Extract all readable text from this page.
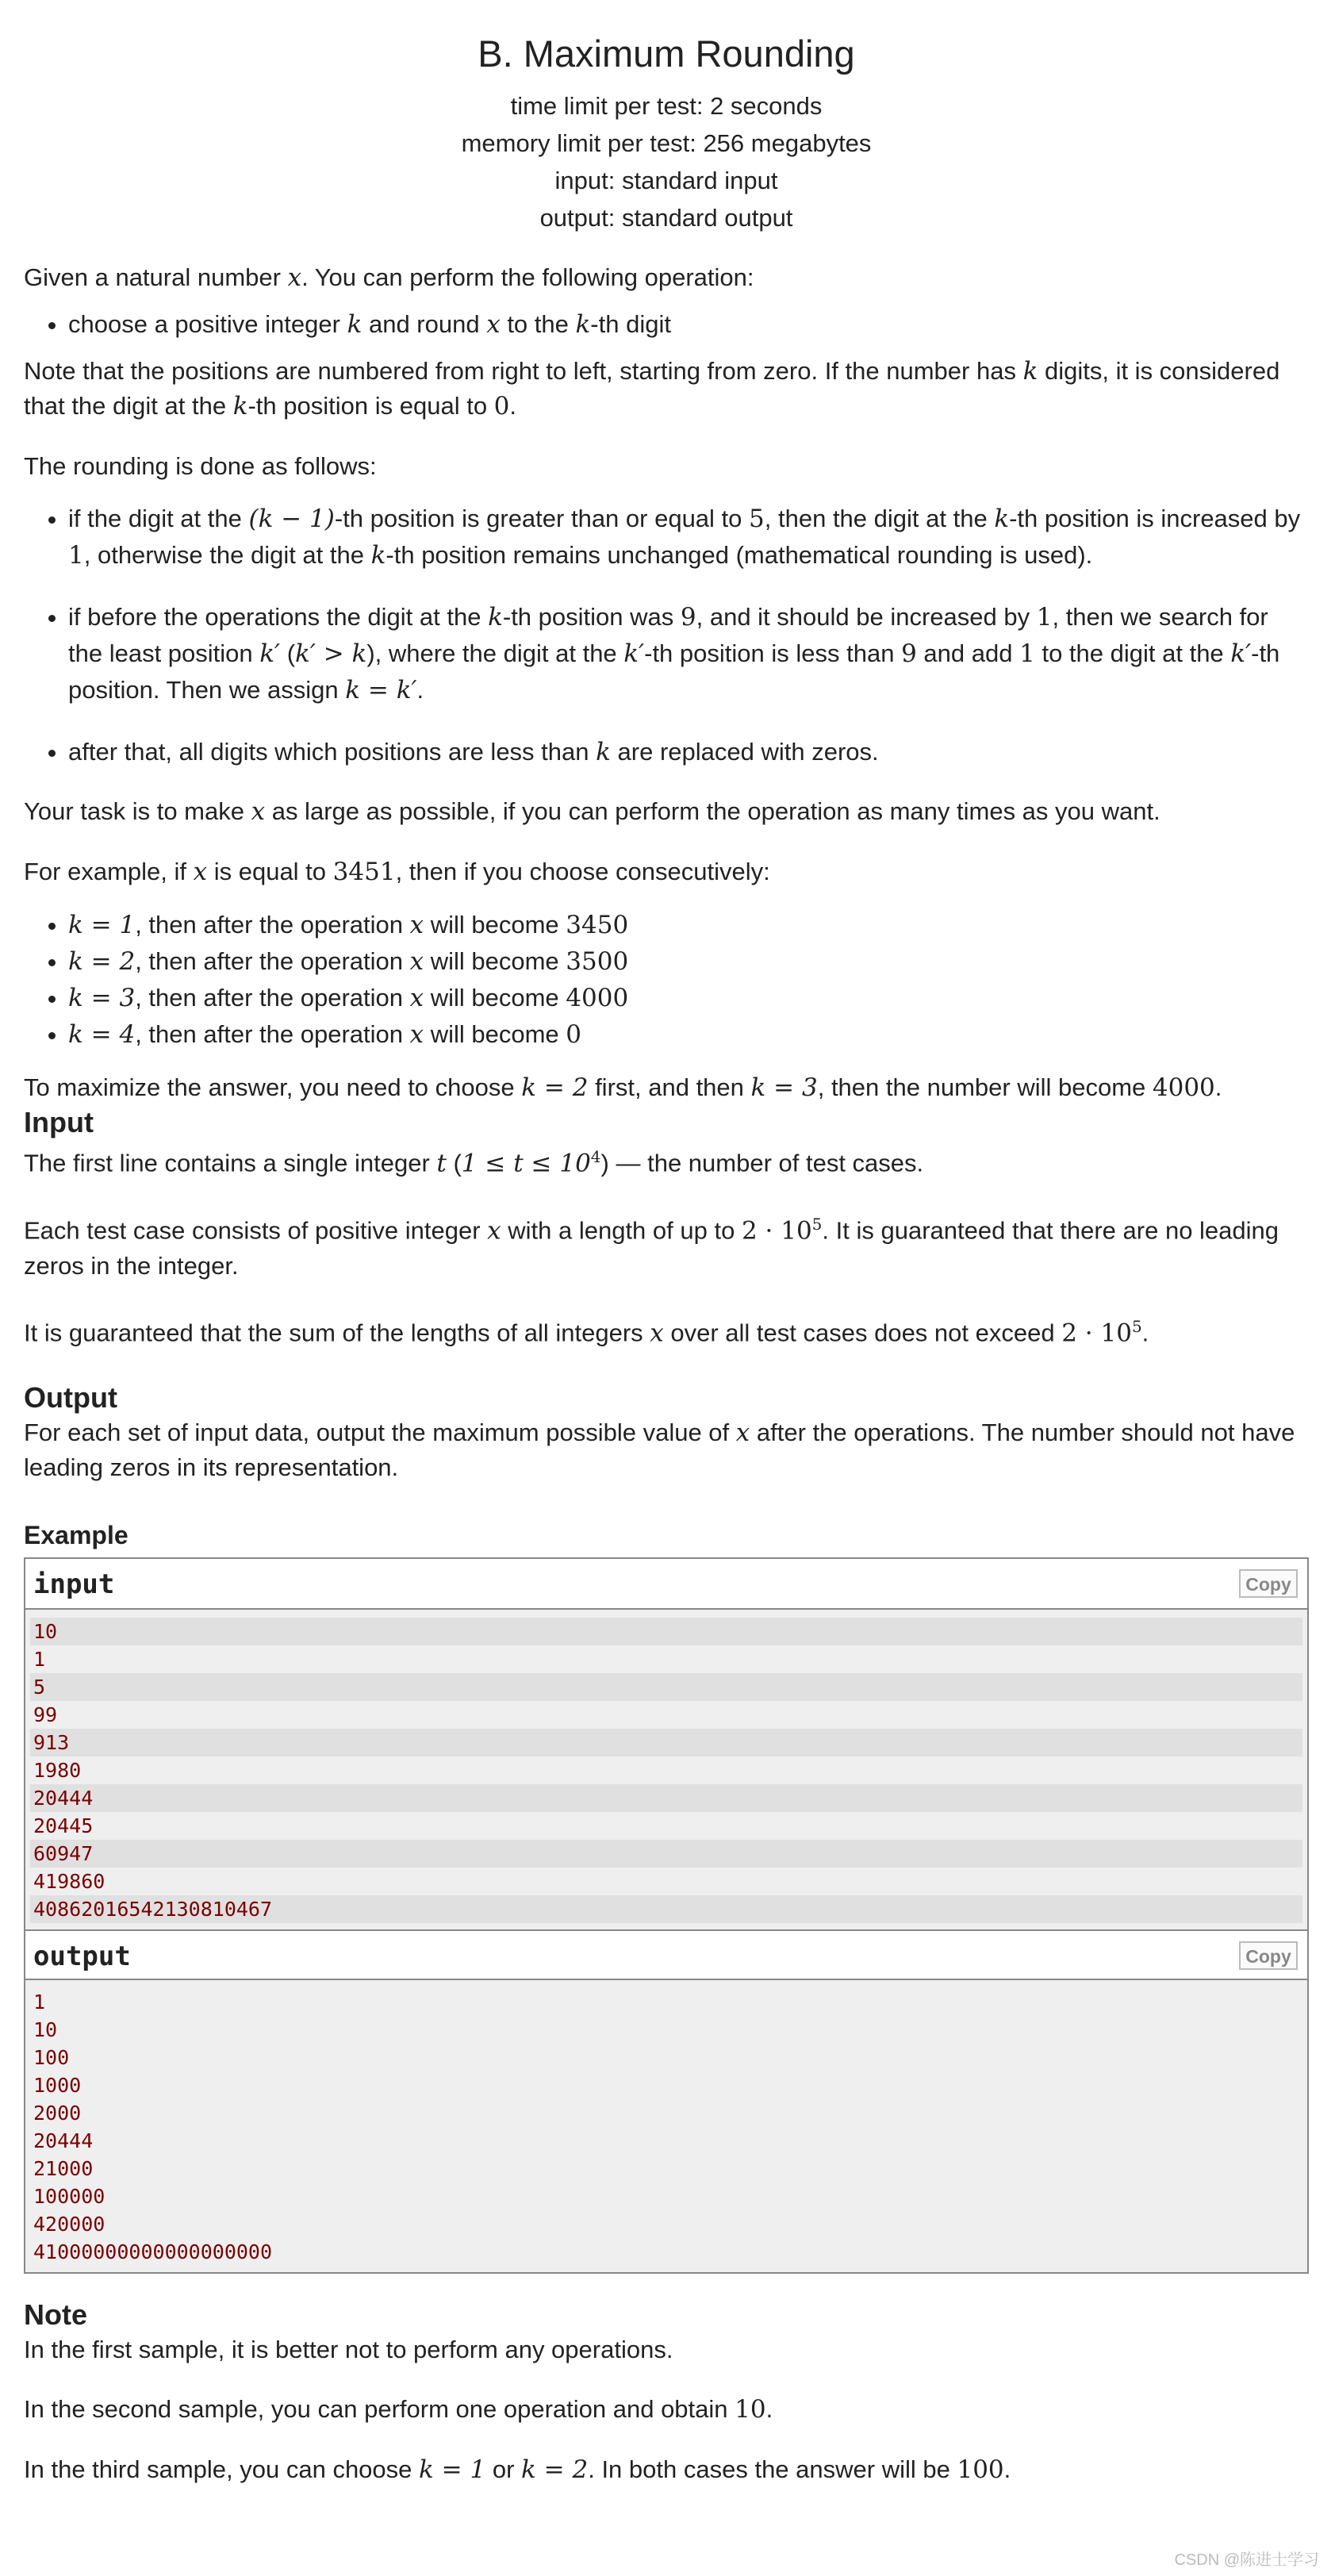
B. Maximum Rounding
time limit per test: 2 seconds
memory limit per test: 256 megabytes
input: standard input
output: standard output

Given a natural number x. You can perform the following operation:

• choose a positive integer k and round x to the k-th digit

Note that the positions are numbered from right to left, starting from zero. If the number has k digits, it is considered that the digit at the k-th position is equal to 0.

The rounding is done as follows:

• if the digit at the (k − 1)-th position is greater than or equal to 5, then the digit at the k-th position is increased by 1, otherwise the digit at the k-th position remains unchanged (mathematical rounding is used).
• if before the operations the digit at the k-th position was 9, and it should be increased by 1, then we search for the least position k′ (k′ > k), where the digit at the k′-th position is less than 9 and add 1 to the digit at the k′-th position. Then we assign k = k′.
• after that, all digits which positions are less than k are replaced with zeros.

Your task is to make x as large as possible, if you can perform the operation as many times as you want.

For example, if x is equal to 3451, then if you choose consecutively:

• k = 1, then after the operation x will become 3450
• k = 2, then after the operation x will become 3500
• k = 3, then after the operation x will become 4000
• k = 4, then after the operation x will become 0

To maximize the answer, you need to choose k = 2 first, and then k = 3, then the number will become 4000.

Input

The first line contains a single integer t $(1 \le t \le 10^4)$ — the number of test cases.

Each test case consists of positive integer x with a length of up to $2 \cdot 10^5$. It is guaranteed that there are no leading zeros in the integer.

It is guaranteed that the sum of the lengths of all integers x over all test cases does not exceed $2 \cdot 10^5$.

Output

For each set of input data, output the maximum possible value of x after the operations. The number should not have leading zeros in its representation.

Example
input	Copy
10
1
5
99
913
1980
20444
20445
60947
419860
40862016542130810467
output	Copy
1
10
100
1000
2000
20444
21000
100000
420000
41000000000000000000
Note

In the first sample, it is better not to perform any operations.

In the second sample, you can perform one operation and obtain 10.

In the third sample, you can choose k = 1 or k = 2. In both cases the answer will be 100.

CSDN @陈进士学习
